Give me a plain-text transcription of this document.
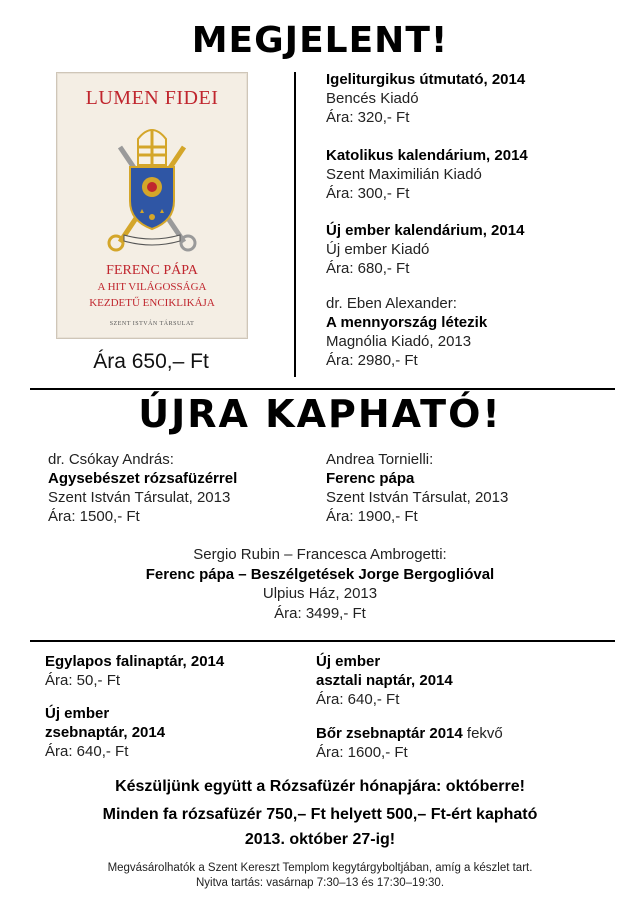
MEGJELENT!
LUMEN FIDEI
FERENC PÁPA
A HIT VILÁGOSSÁGA
KEZDETŰ ENCIKLIKÁJA
SZENT ISTVÁN TÁRSULAT
Ára 650,– Ft
Igeliturgikus útmutató, 2014
Bencés Kiadó
Ára: 320,- Ft
Katolikus kalendárium, 2014
Szent Maximilián Kiadó
Ára: 300,- Ft
Új ember kalendárium, 2014
Új ember Kiadó
Ára: 680,- Ft
dr. Eben Alexander:
A mennyország létezik
Magnólia Kiadó, 2013
Ára: 2980,- Ft
ÚJRA KAPHATÓ!
dr. Csókay András:
Agysebészet rózsafüzérrel
Szent István Társulat, 2013
Ára: 1500,- Ft
Andrea Tornielli:
Ferenc pápa
Szent István Társulat, 2013
Ára: 1900,- Ft
Sergio Rubin – Francesca Ambrogetti:
Ferenc pápa – Beszélgetések Jorge Bergoglióval
Ulpius Ház, 2013
Ára: 3499,- Ft
Egylapos falinaptár, 2014
Ára: 50,- Ft
Új ember
zsebnaptár, 2014
Ára: 640,- Ft
Új ember
asztali naptár, 2014
Ára: 640,- Ft
Bőr zsebnaptár 2014 fekvő
Ára: 1600,- Ft
Készüljünk együtt a Rózsafüzér hónapjára: októberre!
Minden fa rózsafüzér 750,– Ft helyett 500,– Ft-ért kapható
2013. október 27-ig!
Megvásárolhatók a Szent Kereszt Templom kegytárgyboltjában, amíg a készlet tart.
Nyitva tartás: vasárnap 7:30–13 és 17:30–19:30.
